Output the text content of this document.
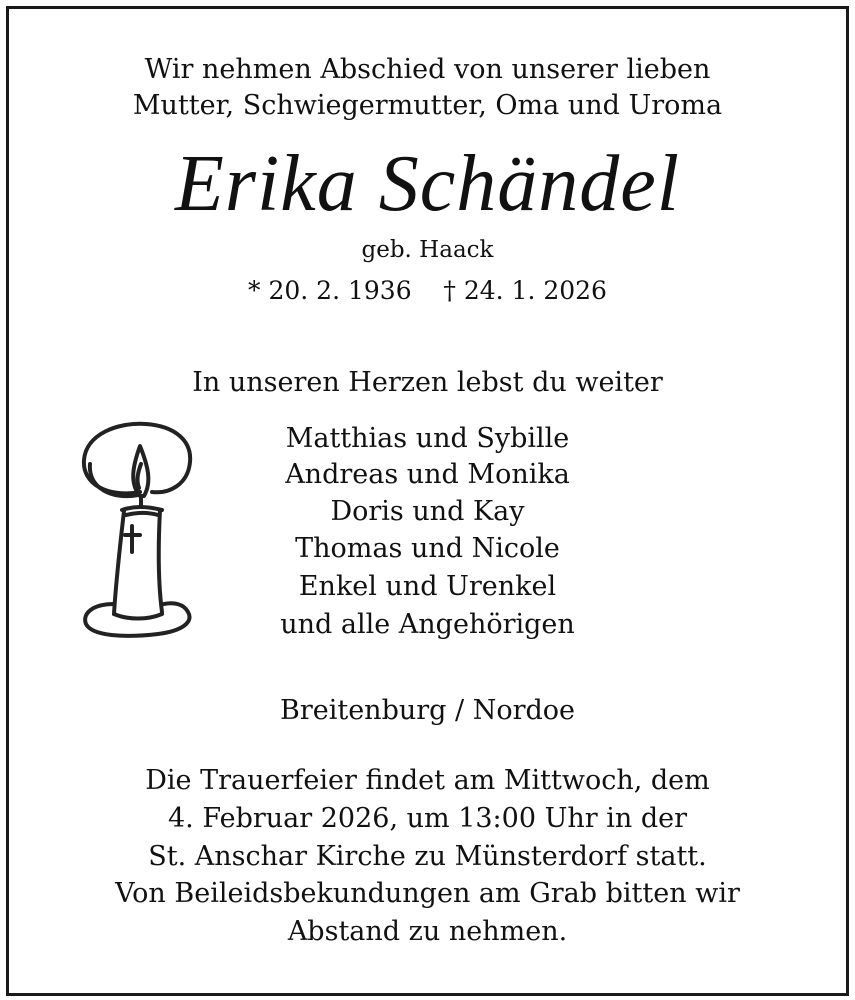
Wir nehmen Abschied von unserer lieben
Mutter, Schwiegermutter, Oma und Uroma
Erika Schändel
geb. Haack
* 20. 2. 1936    † 24. 1. 2026
In unseren Herzen lebst du weiter
Matthias und Sybille
Andreas und Monika
Doris und Kay
Thomas und Nicole
Enkel und Urenkel
und alle Angehörigen
Breitenburg / Nordoe
Die Trauerfeier findet am Mittwoch, dem
4. Februar 2026, um 13:00 Uhr in der
St. Anschar Kirche zu Münsterdorf statt.
Von Beileidsbekundungen am Grab bitten wir
Abstand zu nehmen.
